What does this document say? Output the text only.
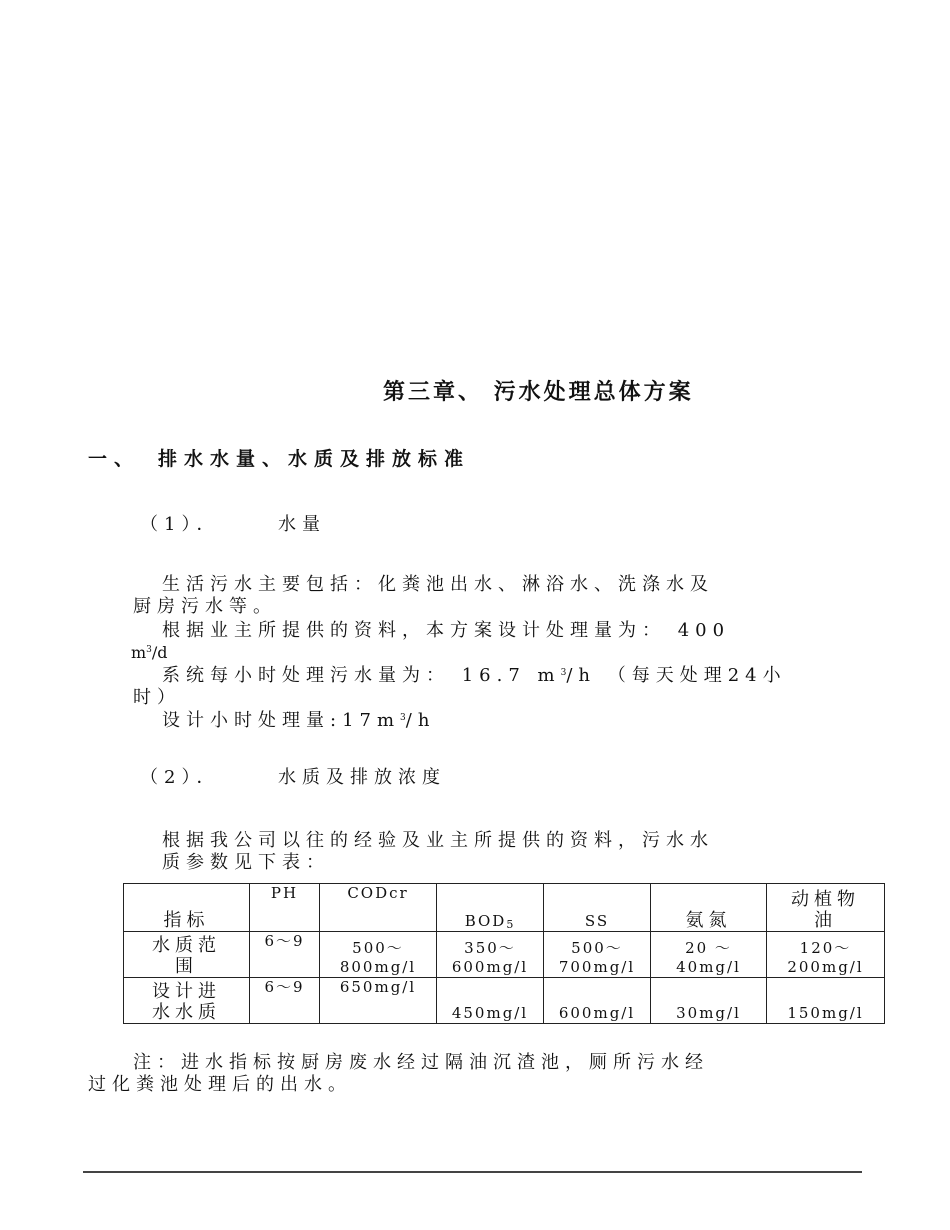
第三章、 污水处理总体方案
一、 排水水量、水质及排放标准
（1）．	水量
生活污水主要包括：化粪池出水、淋浴水、洗涤水及
厨房污水等。
根据业主所提供的资料，本方案设计处理量为： 400
$m^3/d$
系统每小时处理污水量为： 16.7 $m^3/h$ （每天处理24小
时）
设计小时处理量$:17m^3/h$
（2）．	水质及排放浓度
根据我公司以往的经验及业主所提供的资料，污水水
质参数见下表：
指标	PH	CODcr	$BOD_5$	SS	氨氮	动植物
油

水质范
围	6～9	500～
800mg/l	350～
600mg/l	500～
700mg/l	20 ～
40mg/l	120～
200mg/l

设计进
水水质	6～9	650mg/l	450mg/l	600mg/l	30mg/l	150mg/l
注：进水指标按厨房废水经过隔油沉渣池，厕所污水经
过化粪池处理后的出水。
